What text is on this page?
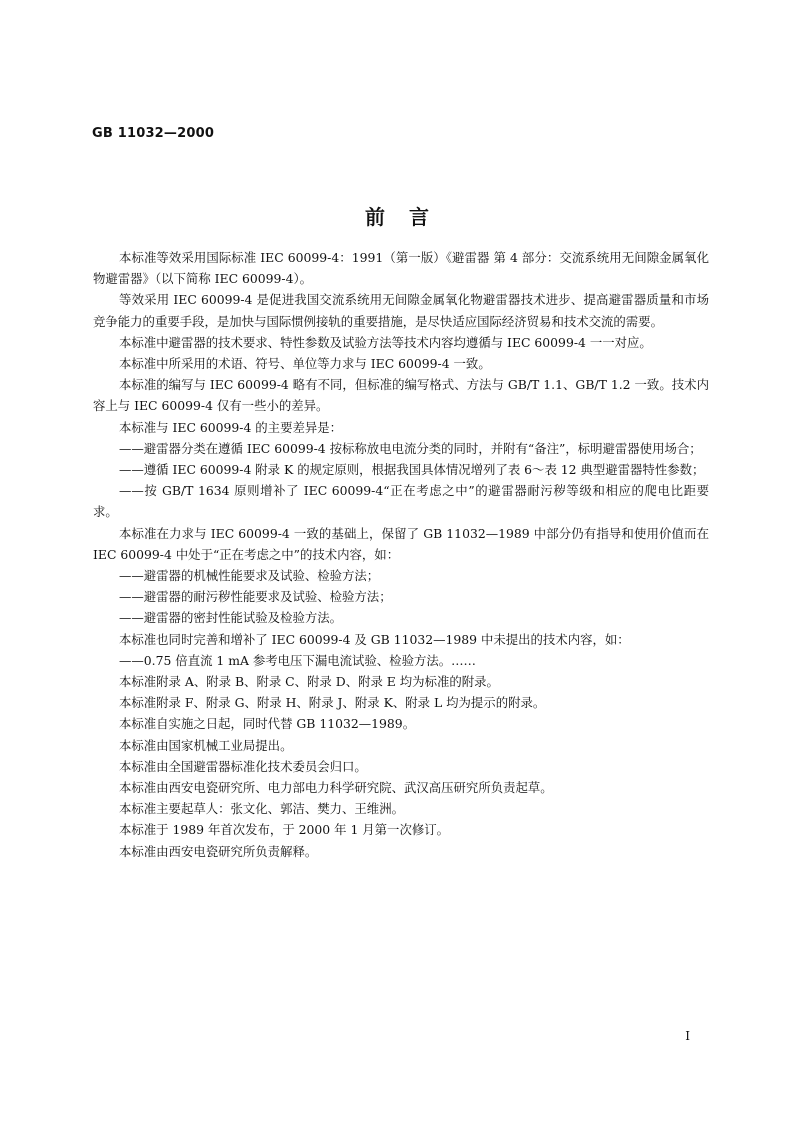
GB 11032—2000
前言

本标准等效采用国际标准 IEC 60099-4：1991（第一版）《避雷器 第 4 部分：交流系统用无间隙金属氧化物避雷器》（以下简称 IEC 60099-4）。

等效采用 IEC 60099-4 是促进我国交流系统用无间隙金属氧化物避雷器技术进步、提高避雷器质量和市场竞争能力的重要手段，是加快与国际惯例接轨的重要措施，是尽快适应国际经济贸易和技术交流的需要。

本标准中避雷器的技术要求、特性参数及试验方法等技术内容均遵循与 IEC 60099-4 一一对应。

本标准中所采用的术语、符号、单位等力求与 IEC 60099-4 一致。

本标准的编写与 IEC 60099-4 略有不同，但标准的编写格式、方法与 GB/T 1.1、GB/T 1.2 一致。技术内容上与 IEC 60099-4 仅有一些小的差异。

本标准与 IEC 60099-4 的主要差异是：

——避雷器分类在遵循 IEC 60099-4 按标称放电电流分类的同时，并附有“备注”，标明避雷器使用场合；

——遵循 IEC 60099-4 附录 K 的规定原则，根据我国具体情况增列了表 6～表 12 典型避雷器特性参数；

——按 GB/T 1634 原则增补了 IEC 60099-4“正在考虑之中”的避雷器耐污秽等级和相应的爬电比距要求。

本标准在力求与 IEC 60099-4 一致的基础上，保留了 GB 11032—1989 中部分仍有指导和使用价值而在 IEC 60099-4 中处于“正在考虑之中”的技术内容，如：

——避雷器的机械性能要求及试验、检验方法；

——避雷器的耐污秽性能要求及试验、检验方法；

——避雷器的密封性能试验及检验方法。

本标准也同时完善和增补了 IEC 60099-4 及 GB 11032—1989 中未提出的技术内容，如：

——0.75 倍直流 1 mA 参考电压下漏电流试验、检验方法。……

本标准附录 A、附录 B、附录 C、附录 D、附录 E 均为标准的附录。

本标准附录 F、附录 G、附录 H、附录 J、附录 K、附录 L 均为提示的附录。

本标准自实施之日起，同时代替 GB 11032—1989。

本标准由国家机械工业局提出。

本标准由全国避雷器标准化技术委员会归口。

本标准由西安电瓷研究所、电力部电力科学研究院、武汉高压研究所负责起草。

本标准主要起草人：张文化、郭洁、樊力、王维洲。

本标准于 1989 年首次发布，于 2000 年 1 月第一次修订。

本标准由西安电瓷研究所负责解释。

I
